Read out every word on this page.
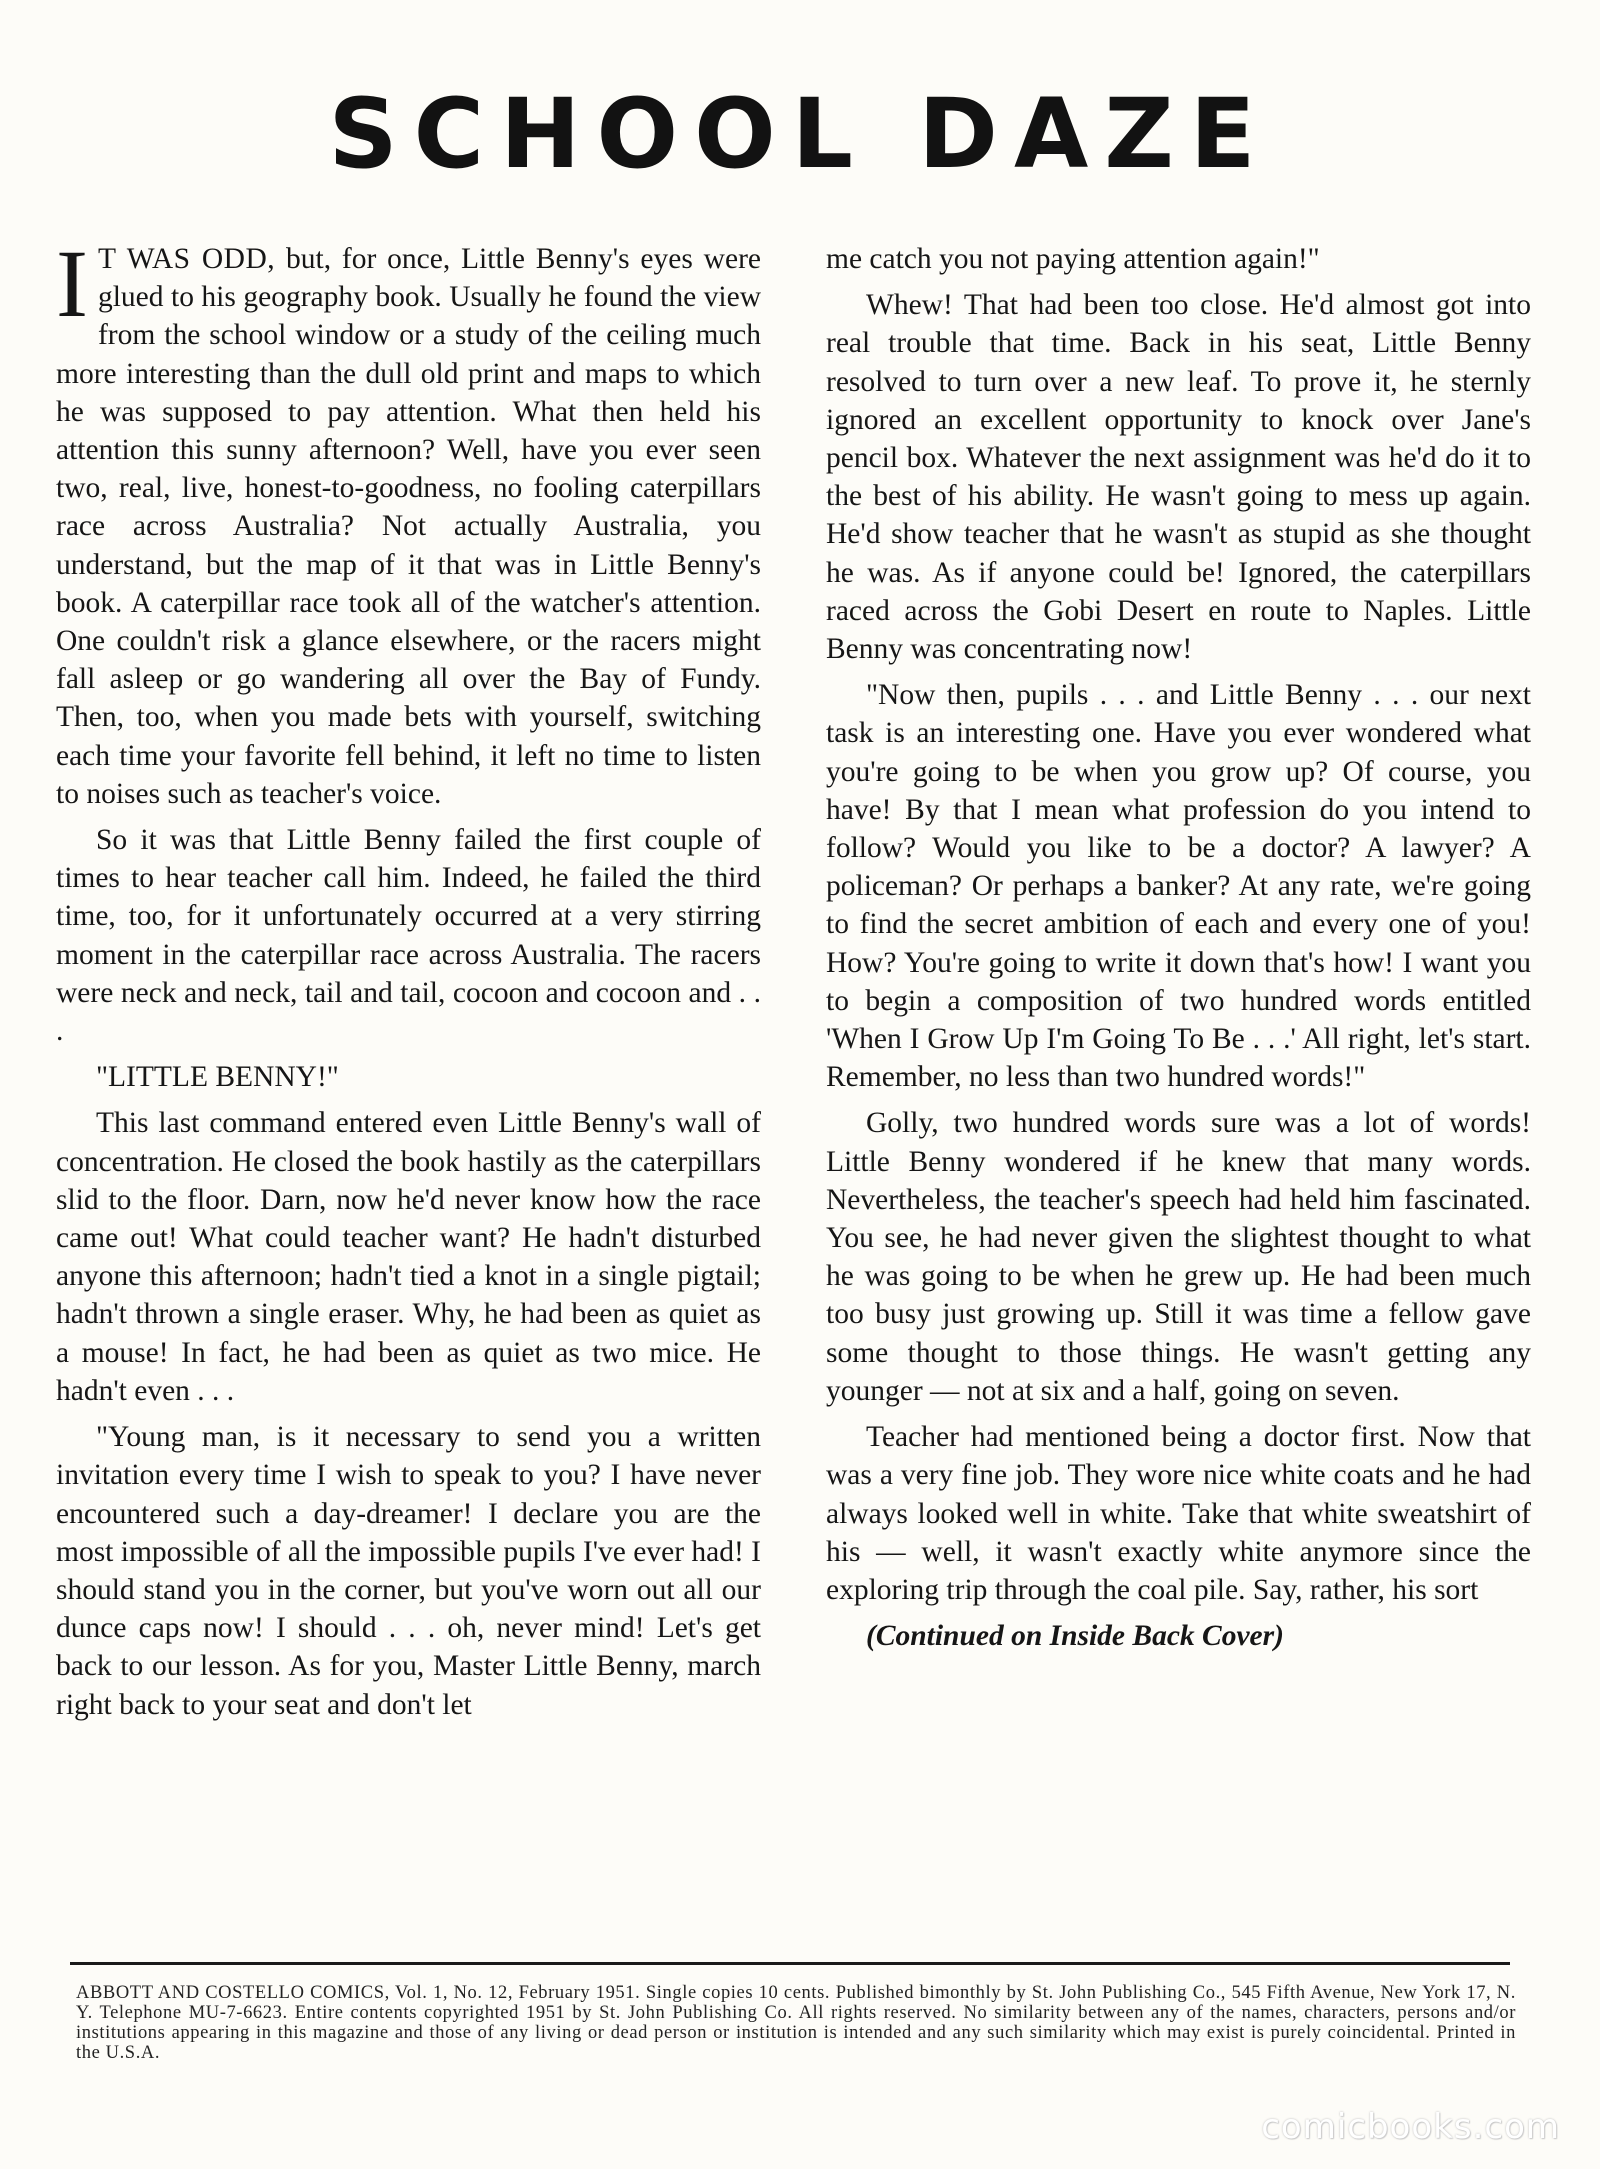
SCHOOL DAZE

I T WAS ODD, but, for once, Little Benny's eyes were glued to his geography book. Usually he found the view from the school window or a study of the ceiling much more interesting than the dull old print and maps to which he was supposed to pay attention. What then held his attention this sunny afternoon? Well, have you ever seen two, real, live, honest-to-goodness, no fooling caterpillars race across Australia? Not actually Australia, you understand, but the map of it that was in Little Benny's book. A caterpillar race took all of the watcher's attention. One couldn't risk a glance elsewhere, or the racers might fall asleep or go wandering all over the Bay of Fundy. Then, too, when you made bets with yourself, switching each time your favorite fell behind, it left no time to listen to noises such as teacher's voice.

So it was that Little Benny failed the first couple of times to hear teacher call him. Indeed, he failed the third time, too, for it unfortunately occurred at a very stirring moment in the caterpillar race across Australia. The racers were neck and neck, tail and tail, cocoon and cocoon and . . .

"LITTLE BENNY!"

This last command entered even Little Benny's wall of concentration. He closed the book hastily as the caterpillars slid to the floor. Darn, now he'd never know how the race came out! What could teacher want? He hadn't disturbed anyone this afternoon; hadn't tied a knot in a single pigtail; hadn't thrown a single eraser. Why, he had been as quiet as a mouse! In fact, he had been as quiet as two mice. He hadn't even . . .

"Young man, is it necessary to send you a written invitation every time I wish to speak to you? I have never encountered such a day-dreamer! I declare you are the most impossible of all the impossible pupils I've ever had! I should stand you in the corner, but you've worn out all our dunce caps now! I should . . . oh, never mind! Let's get back to our lesson. As for you, Master Little Benny, march right back to your seat and don't let

me catch you not paying attention again!"

Whew! That had been too close. He'd almost got into real trouble that time. Back in his seat, Little Benny resolved to turn over a new leaf. To prove it, he sternly ignored an excellent opportunity to knock over Jane's pencil box. Whatever the next assignment was he'd do it to the best of his ability. He wasn't going to mess up again. He'd show teacher that he wasn't as stupid as she thought he was. As if anyone could be! Ignored, the caterpillars raced across the Gobi Desert en route to Naples. Little Benny was concentrating now!

"Now then, pupils . . . and Little Benny . . . our next task is an interesting one. Have you ever wondered what you're going to be when you grow up? Of course, you have! By that I mean what profession do you intend to follow? Would you like to be a doctor? A lawyer? A policeman? Or perhaps a banker? At any rate, we're going to find the secret ambition of each and every one of you! How? You're going to write it down that's how! I want you to begin a composition of two hundred words entitled 'When I Grow Up I'm Going To Be . . .' All right, let's start. Remember, no less than two hundred words!"

Golly, two hundred words sure was a lot of words! Little Benny wondered if he knew that many words. Nevertheless, the teacher's speech had held him fascinated. You see, he had never given the slightest thought to what he was going to be when he grew up. He had been much too busy just growing up. Still it was time a fellow gave some thought to those things. He wasn't getting any younger — not at six and a half, going on seven.

Teacher had mentioned being a doctor first. Now that was a very fine job. They wore nice white coats and he had always looked well in white. Take that white sweatshirt of his — well, it wasn't exactly white anymore since the exploring trip through the coal pile. Say, rather, his sort

(Continued on Inside Back Cover)

ABBOTT AND COSTELLO COMICS, Vol. 1, No. 12, February 1951. Single copies 10 cents. Published bimonthly by St. John Publishing Co., 545 Fifth Avenue, New York 17, N. Y. Telephone MU-7-6623. Entire contents copyrighted 1951 by St. John Publishing Co. All rights reserved. No similarity between any of the names, characters, persons and/or institutions appearing in this magazine and those of any living or dead person or institution is intended and any such similarity which may exist is purely coincidental. Printed in the U.S.A.
comicbooks.com
